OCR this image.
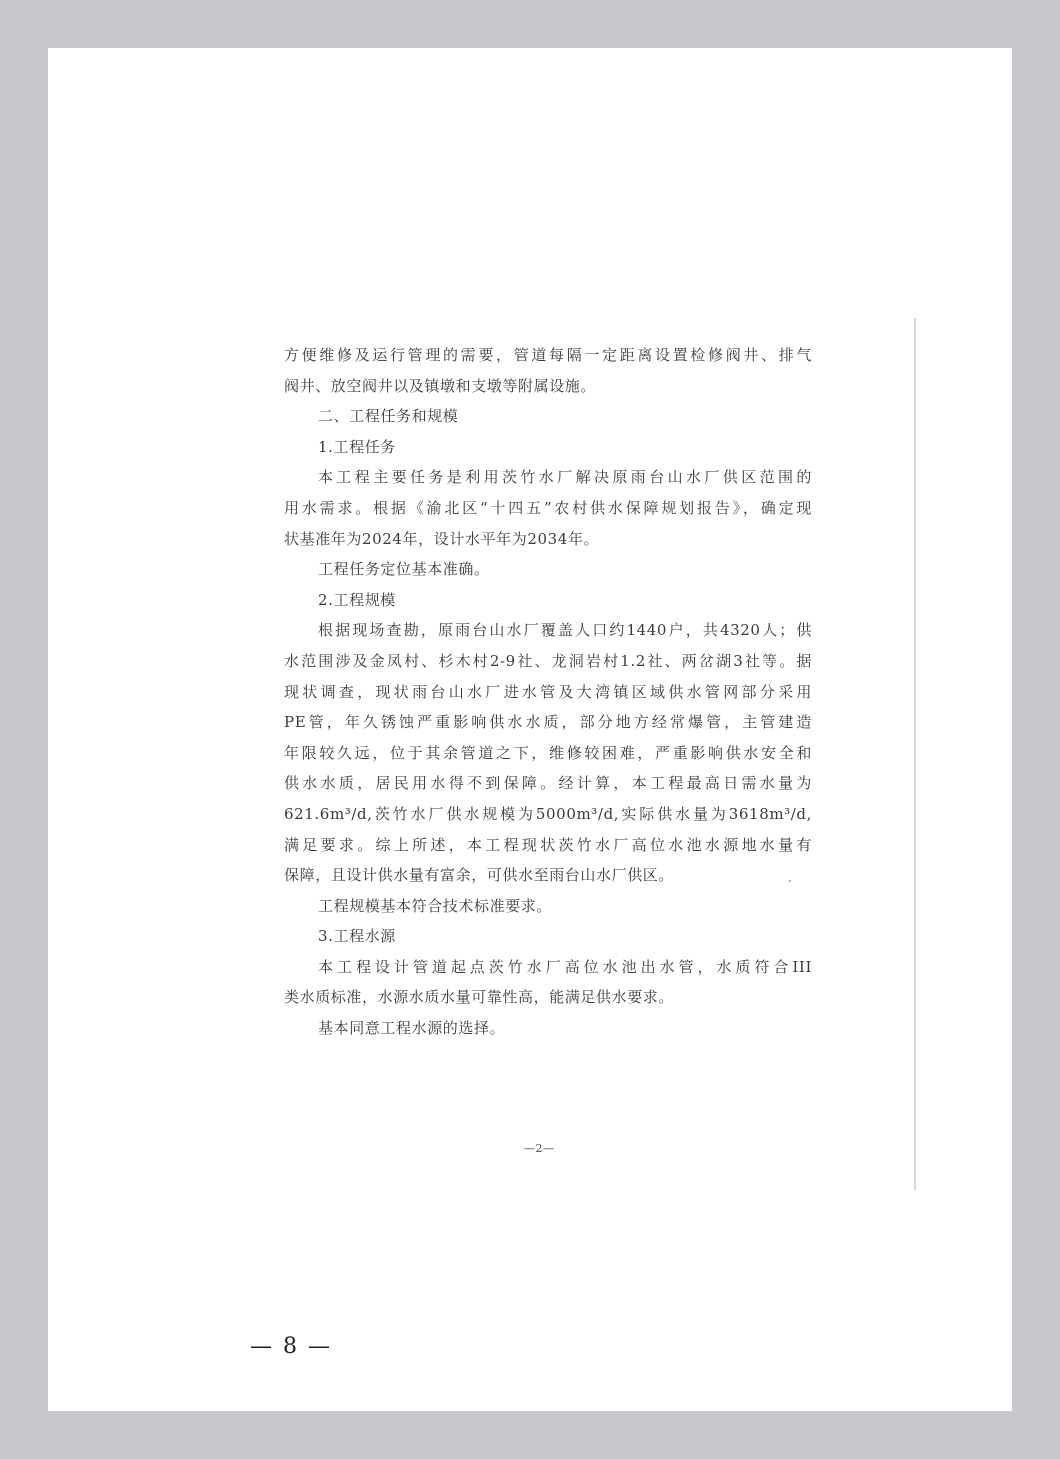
方便维修及运行管理的需要，管道每隔一定距离设置检修阀井、排气
阀井、放空阀井以及镇墩和支墩等附属设施。
二、工程任务和规模
1.工程任务
本工程主要任务是利用茨竹水厂解决原雨台山水厂供区范围的
用水需求。根据《渝北区“十四五”农村供水保障规划报告》，确定现
状基准年为2024年，设计水平年为2034年。
工程任务定位基本准确。
2.工程规模
根据现场查勘，原雨台山水厂覆盖人口约1440户，共4320人；供
水范围涉及金凤村、杉木村2-9社、龙洞岩村1.2社、两岔湖3社等。据
现状调查，现状雨台山水厂进水管及大湾镇区域供水管网部分采用
PE管，年久锈蚀严重影响供水水质，部分地方经常爆管，主管建造
年限较久远，位于其余管道之下，维修较困难，严重影响供水安全和
供水水质，居民用水得不到保障。经计算，本工程最高日需水量为
621.6m³/d,茨竹水厂供水规模为5000m³/d,实际供水量为3618m³/d,
满足要求。综上所述，本工程现状茨竹水厂高位水池水源地水量有
保障，且设计供水量有富余，可供水至雨台山水厂供区。
工程规模基本符合技术标准要求。
3.工程水源
本工程设计管道起点茨竹水厂高位水池出水管，水质符合III
类水质标准，水源水质水量可靠性高，能满足供水要求。
基本同意工程水源的选择。
—2—
— 8 —
